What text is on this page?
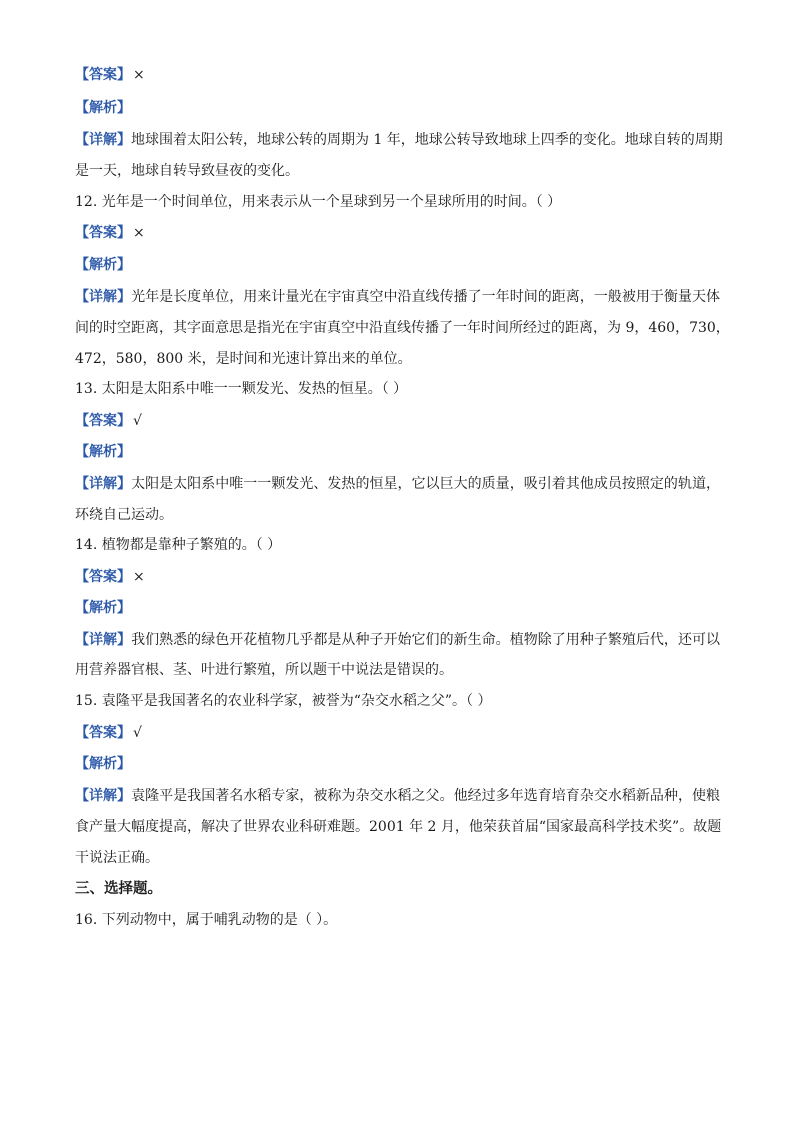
【答案】 ×
【解析】
【详解】地球围着太阳公转，地球公转的周期为 1 年，地球公转导致地球上四季的变化。地球自转的周期
是一天，地球自转导致昼夜的变化。
12. 光年是一个时间单位，用来表示从一个星球到另一个星球所用的时间。（ ）
【答案】 ×
【解析】
【详解】光年是长度单位，用来计量光在宇宙真空中沿直线传播了一年时间的距离，一般被用于衡量天体
间的时空距离，其字面意思是指光在宇宙真空中沿直线传播了一年时间所经过的距离，为 9，460，730，
472，580，800 米，是时间和光速计算出来的单位。
13. 太阳是太阳系中唯一一颗发光、发热的恒星。（ ）
【答案】 √
【解析】
【详解】太阳是太阳系中唯一一颗发光、发热的恒星，它以巨大的质量，吸引着其他成员按照定的轨道，
环绕自己运动。
14. 植物都是靠种子繁殖的。（ ）
【答案】 ×
【解析】
【详解】我们熟悉的绿色开花植物几乎都是从种子开始它们的新生命。植物除了用种子繁殖后代，还可以
用营养器官根、茎、叶进行繁殖，所以题干中说法是错误的。
15. 袁隆平是我国著名的农业科学家，被誉为“杂交水稻之父”。（ ）
【答案】 √
【解析】
【详解】袁隆平是我国著名水稻专家，被称为杂交水稻之父。他经过多年选育培育杂交水稻新品种，使粮
食产量大幅度提高，解决了世界农业科研难题。2001 年 2 月，他荣获首届“国家最高科学技术奖”。故题
干说法正确。
三、选择题。
16. 下列动物中，属于哺乳动物的是（ ）。
